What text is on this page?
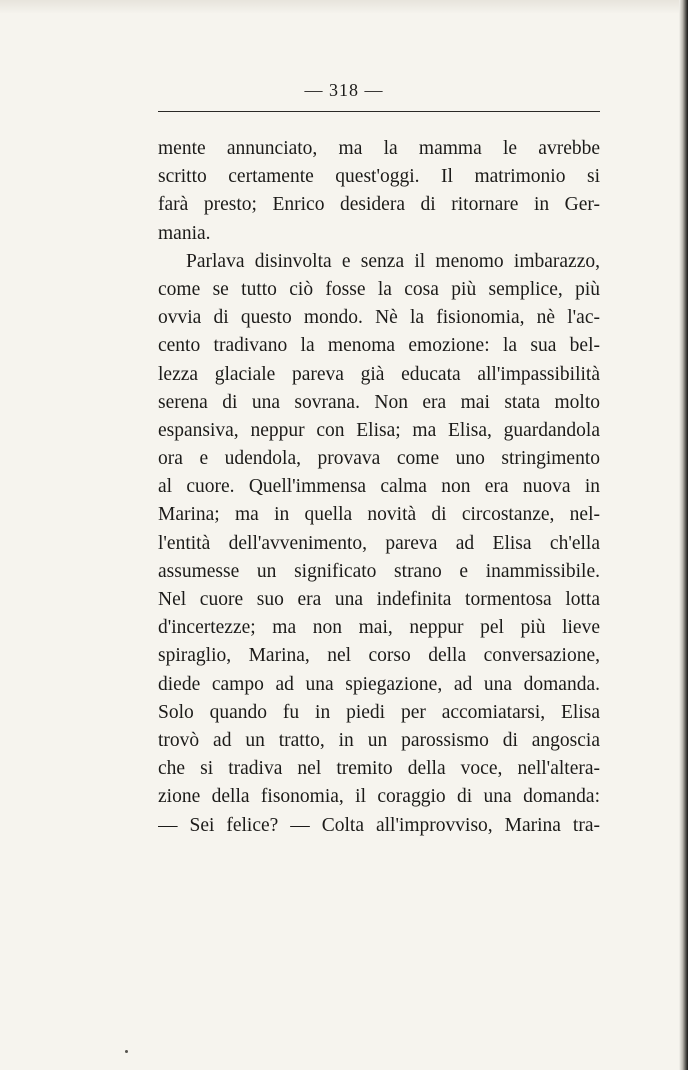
— 318 —
mente annunciato, ma la mamma le avrebbe
scritto certamente quest'oggi. Il matrimonio si
farà presto; Enrico desidera di ritornare in Ger-
mania.
Parlava disinvolta e senza il menomo imbarazzo,
come se tutto ciò fosse la cosa più semplice, più
ovvia di questo mondo. Nè la fisionomia, nè l'ac-
cento tradivano la menoma emozione: la sua bel-
lezza glaciale pareva già educata all'impassibilità
serena di una sovrana. Non era mai stata molto
espansiva, neppur con Elisa; ma Elisa, guardandola
ora e udendola, provava come uno stringimento
al cuore. Quell'immensa calma non era nuova in
Marina; ma in quella novità di circostanze, nel-
l'entità dell'avvenimento, pareva ad Elisa ch'ella
assumesse un significato strano e inammissibile.
Nel cuore suo era una indefinita tormentosa lotta
d'incertezze; ma non mai, neppur pel più lieve
spiraglio, Marina, nel corso della conversazione,
diede campo ad una spiegazione, ad una domanda.
Solo quando fu in piedi per accomiatarsi, Elisa
trovò ad un tratto, in un parossismo di angoscia
che si tradiva nel tremito della voce, nell'altera-
zione della fisonomia, il coraggio di una domanda:
— Sei felice? — Colta all'improvviso, Marina tra-
